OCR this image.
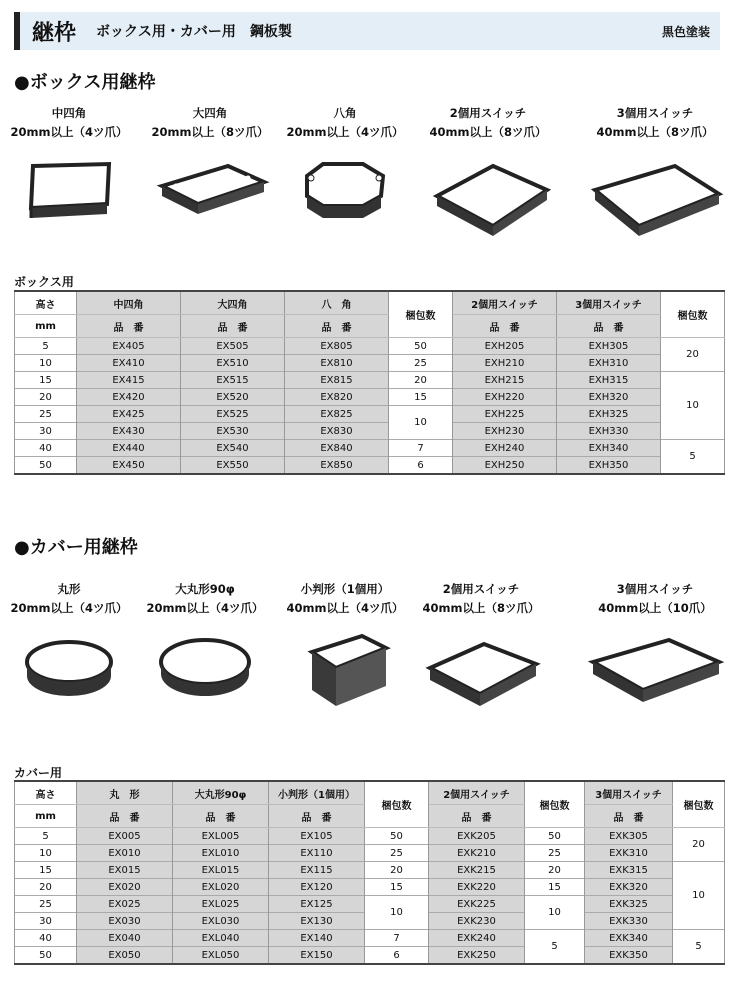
継枠 ボックス用・カバー用　鋼板製	黒色塗装
●ボックス用継枠
中四角
20mm以上（4ツ爪）
大四角
20mm以上（8ツ爪）
八角
20mm以上（4ツ爪）
2個用スイッチ
40mm以上（8ツ爪）
3個用スイッチ
40mm以上（8ツ爪）
ボックス用
高さ	中四角	大四角	八　角	梱包数	2個用スイッチ	3個用スイッチ	梱包数
mm	品　番	品　番	品　番		品　番	品　番	
5	EX405	EX505	EX805	50	EXH205	EXH305	20
10	EX410	EX510	EX810	25	EXH210	EXH310	
15	EX415	EX515	EX815	20	EXH215	EXH315	10
20	EX420	EX520	EX820	15	EXH220	EXH320	
25	EX425	EX525	EX825	10	EXH225	EXH325	
30	EX430	EX530	EX830		EXH230	EXH330	
40	EX440	EX540	EX840	7	EXH240	EXH340	5
50	EX450	EX550	EX850	6	EXH250	EXH350	
●カバー用継枠
丸形
20mm以上（4ツ爪）
大丸形90φ
20mm以上（4ツ爪）
小判形（1個用）
40mm以上（4ツ爪）
2個用スイッチ
40mm以上（8ツ爪）
3個用スイッチ
40mm以上（10爪）
カバー用
高さ	丸　形	大丸形90φ	小判形（1個用）	梱包数	2個用スイッチ	梱包数	3個用スイッチ	梱包数
mm	品　番	品　番	品　番		品　番		品　番	
5	EX005	EXL005	EX105	50	EXK205	50	EXK305	20
10	EX010	EXL010	EX110	25	EXK210	25	EXK310	
15	EX015	EXL015	EX115	20	EXK215	20	EXK315	10
20	EX020	EXL020	EX120	15	EXK220	15	EXK320	
25	EX025	EXL025	EX125	10	EXK225	10	EXK325	
30	EX030	EXL030	EX130		EXK230		EXK330	
40	EX040	EXL040	EX140	7	EXK240	5	EXK340	5
50	EX050	EXL050	EX150	6	EXK250		EXK350	
